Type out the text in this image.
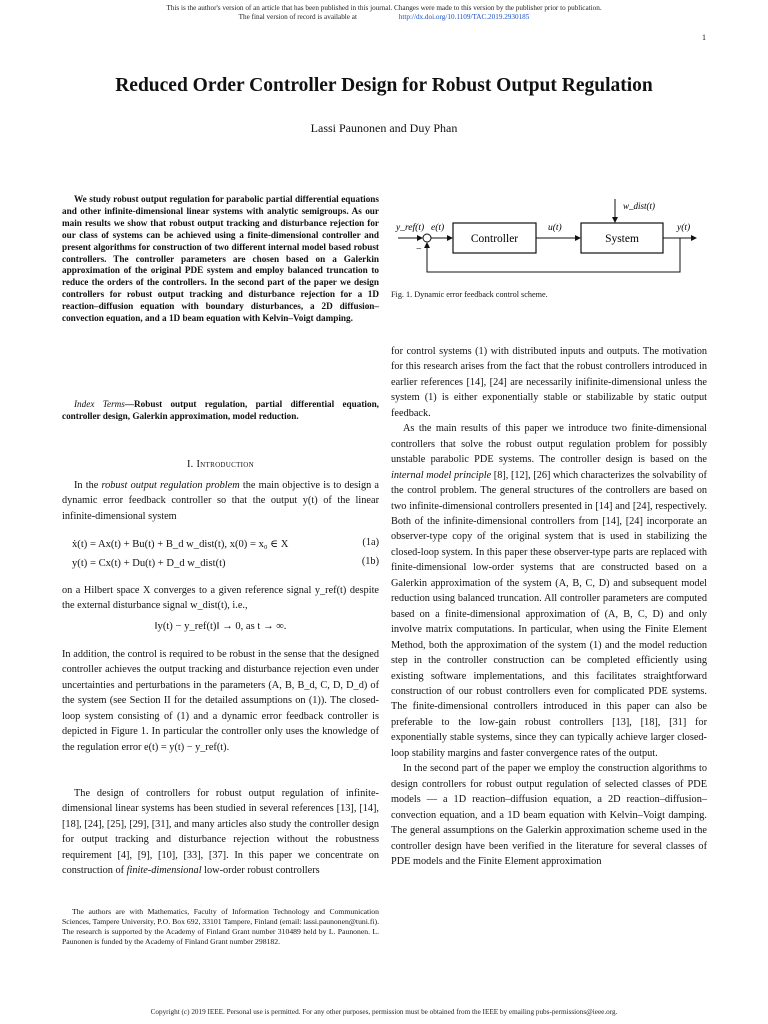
This is the author's version of an article that has been published in this journal. Changes were made to this version by the publisher prior to publication.
The final version of record is available at	http://dx.doi.org/10.1109/TAC.2019.2930185
1
Reduced Order Controller Design for Robust Output Regulation
Lassi Paunonen and Duy Phan
We study robust output regulation for parabolic partial differential equations and other infinite-dimensional linear systems with analytic semigroups. As our main results we show that robust output tracking and disturbance rejection for our class of systems can be achieved using a finite-dimensional controller and present algorithms for construction of two different internal model based robust controllers. The controller parameters are chosen based on a Galerkin approximation of the original PDE system and employ balanced truncation to reduce the orders of the controllers. In the second part of the paper we design controllers for robust output tracking and disturbance rejection for a 1D reaction–diffusion equation with boundary disturbances, a 2D diffusion–convection equation, and a 1D beam equation with Kelvin–Voigt damping.
Index Terms—Robust output regulation, partial differential equation, controller design, Galerkin approximation, model reduction.
I. Introduction

In the robust output regulation problem the main objective is to design a dynamic error feedback controller so that the output y(t) of the linear infinite-dimensional system

ẋ(t) = Ax(t) + Bu(t) + B_d w_dist(t), x(0) = x₀ ∈ X	(1a)
y(t) = Cx(t) + Du(t) + D_d w_dist(t)	(1b)

on a Hilbert space X converges to a given reference signal y_ref(t) despite the external disturbance signal w_dist(t), i.e.,

‖y(t) − y_ref(t)‖ → 0, as t → ∞.

In addition, the control is required to be robust in the sense that the designed controller achieves the output tracking and disturbance rejection even under uncertainties and perturbations in the parameters (A, B, B_d, C, D, D_d) of the system (see Section II for the detailed assumptions on (1)). The closed-loop system consisting of (1) and a dynamic error feedback controller is depicted in Figure 1. In particular the controller only uses the knowledge of the regulation error e(t) = y(t) − y_ref(t).

The design of controllers for robust output regulation of infinite-dimensional linear systems has been studied in several references [13], [14], [18], [24], [25], [29], [31], and many articles also study the controller design for output tracking and disturbance rejection without the robustness requirement [4], [9], [10], [33], [37]. In this paper we concentrate on construction of finite-dimensional low-order robust controllers

The authors are with Mathematics, Faculty of Information Technology and Communication Sciences, Tampere University, P.O. Box 692, 33101 Tampere, Finland (email: lassi.paunonen@tuni.fi). The research is supported by the Academy of Finland Grant number 310489 held by L. Paunonen. L. Paunonen is funded by the Academy of Finland Grant number 298182.
Controller	System
y_ref(t) e(t)
−
u(t)	y(t)
w_dist(t)
Fig. 1. Dynamic error feedback control scheme.

for control systems (1) with distributed inputs and outputs. The motivation for this research arises from the fact that the robust controllers introduced in earlier references [14], [24] are necessarily inifinite-dimensional unless the system (1) is either exponentially stable or stabilizable by static output feedback.

As the main results of this paper we introduce two finite-dimensional controllers that solve the robust output regulation problem for possibly unstable parabolic PDE systems. The controller design is based on the internal model principle [8], [12], [26] which characterizes the solvability of the control problem. The general structures of the controllers are based on two infinite-dimensional controllers presented in [14] and [24], respectively. Both of the infinite-dimensional controllers from [14], [24] incorporate an observer-type copy of the original system that is used in stabilizing the closed-loop system. In this paper these observer-type parts are replaced with finite-dimensional low-order systems that are constructed based on a Galerkin approximation of the system (A, B, C, D) and subsequent model reduction using balanced truncation. All controller parameters are computed based on a finite-dimensional approximation of (A, B, C, D) and only involve matrix computations. In particular, when using the Finite Element Method, both the approximation of the system (1) and the model reduction step in the controller construction can be completed efficiently using existing software implementations, and this facilitates straightforward construction of our robust controllers even for complicated PDE systems. The finite-dimensional controllers introduced in this paper can also be preferable to the low-gain robust controllers [13], [18], [31] for exponentially stable systems, since they can typically achieve larger closed-loop stability margins and faster convergence rates of the output.

In the second part of the paper we employ the construction algorithms to design controllers for robust output regulation of selected classes of PDE models — a 1D reaction–diffusion equation, a 2D reaction–diffusion–convection equation, and a 1D beam equation with Kelvin–Voigt damping. The general assumptions on the Galerkin approximation scheme used in the controller design have been verified in the literature for several classes of PDE models and the Finite Element approximation

Copyright (c) 2019 IEEE. Personal use is permitted. For any other purposes, permission must be obtained from the IEEE by emailing pubs-permissions@ieee.org.
